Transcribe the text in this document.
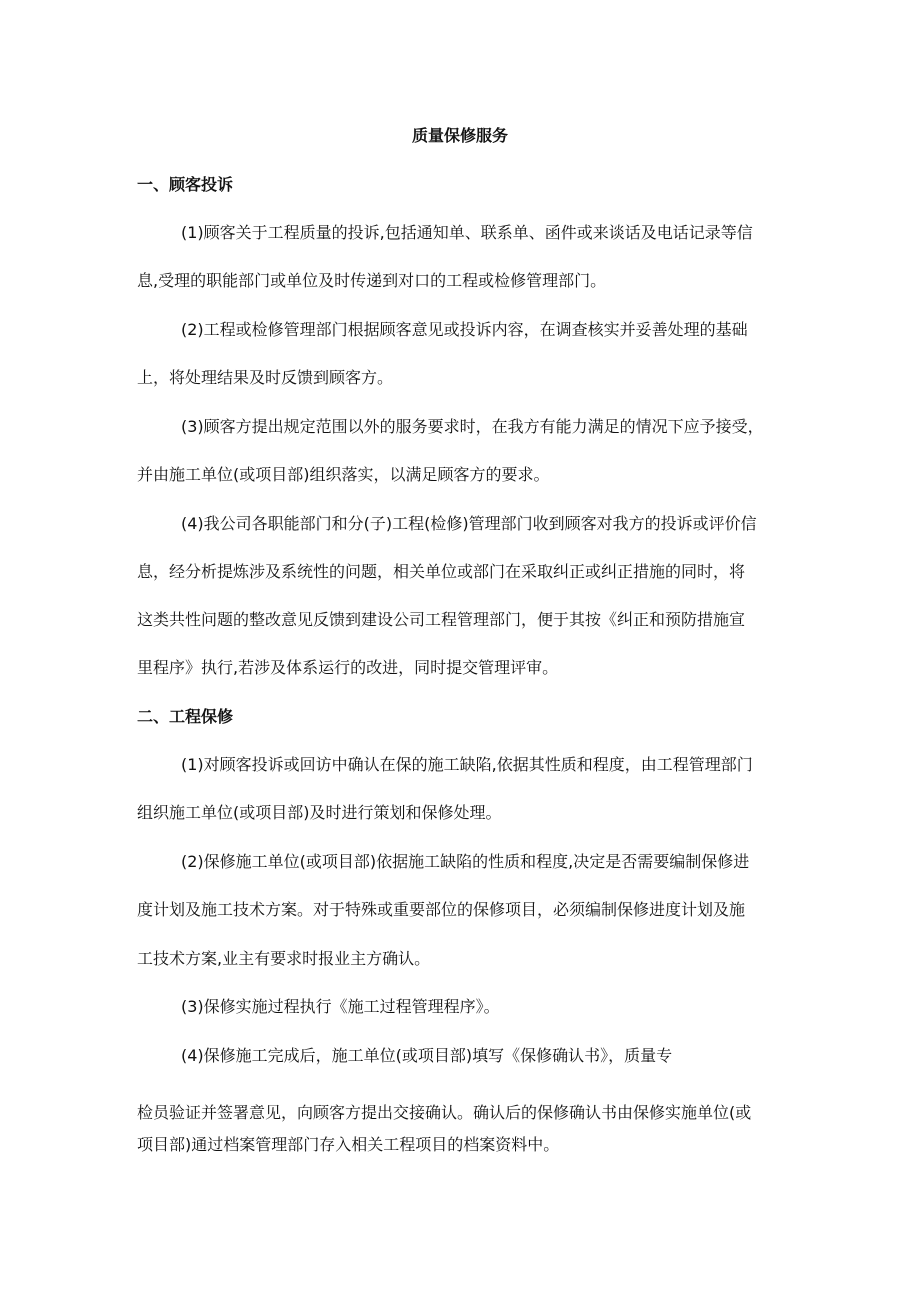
质量保修服务
一、顾客投诉
(1)顾客关于工程质量的投诉,包括通知单、联系单、函件或来谈话及电话记录等信
息,受理的职能部门或单位及时传递到对口的工程或检修管理部门。
(2)工程或检修管理部门根据顾客意见或投诉内容，在调查核实并妥善处理的基础
上，将处理结果及时反馈到顾客方。
(3)顾客方提出规定范围以外的服务要求时，在我方有能力满足的情况下应予接受，
并由施工单位(或项目部)组织落实，以满足顾客方的要求。
(4)我公司各职能部门和分(子)工程(检修)管理部门收到顾客对我方的投诉或评价信
息，经分析提炼涉及系统性的问题，相关单位或部门在采取纠正或纠正措施的同时，将
这类共性问题的整改意见反馈到建设公司工程管理部门，便于其按《纠正和预防措施宣
里程序》执行,若涉及体系运行的改进，同时提交管理评审。
二、工程保修
(1)对顾客投诉或回访中确认在保的施工缺陷,依据其性质和程度，由工程管理部门
组织施工单位(或项目部)及时进行策划和保修处理。
(2)保修施工单位(或项目部)依据施工缺陷的性质和程度,决定是否需要编制保修进
度计划及施工技术方案。对于特殊或重要部位的保修项目，必须编制保修进度计划及施
工技术方案,业主有要求时报业主方确认。
(3)保修实施过程执行《施工过程管理程序》。
(4)保修施工完成后，施工单位(或项目部)填写《保修确认书》，质量专
检员验证并签署意见，向顾客方提出交接确认。确认后的保修确认书由保修实施单位(或
项目部)通过档案管理部门存入相关工程项目的档案资料中。
